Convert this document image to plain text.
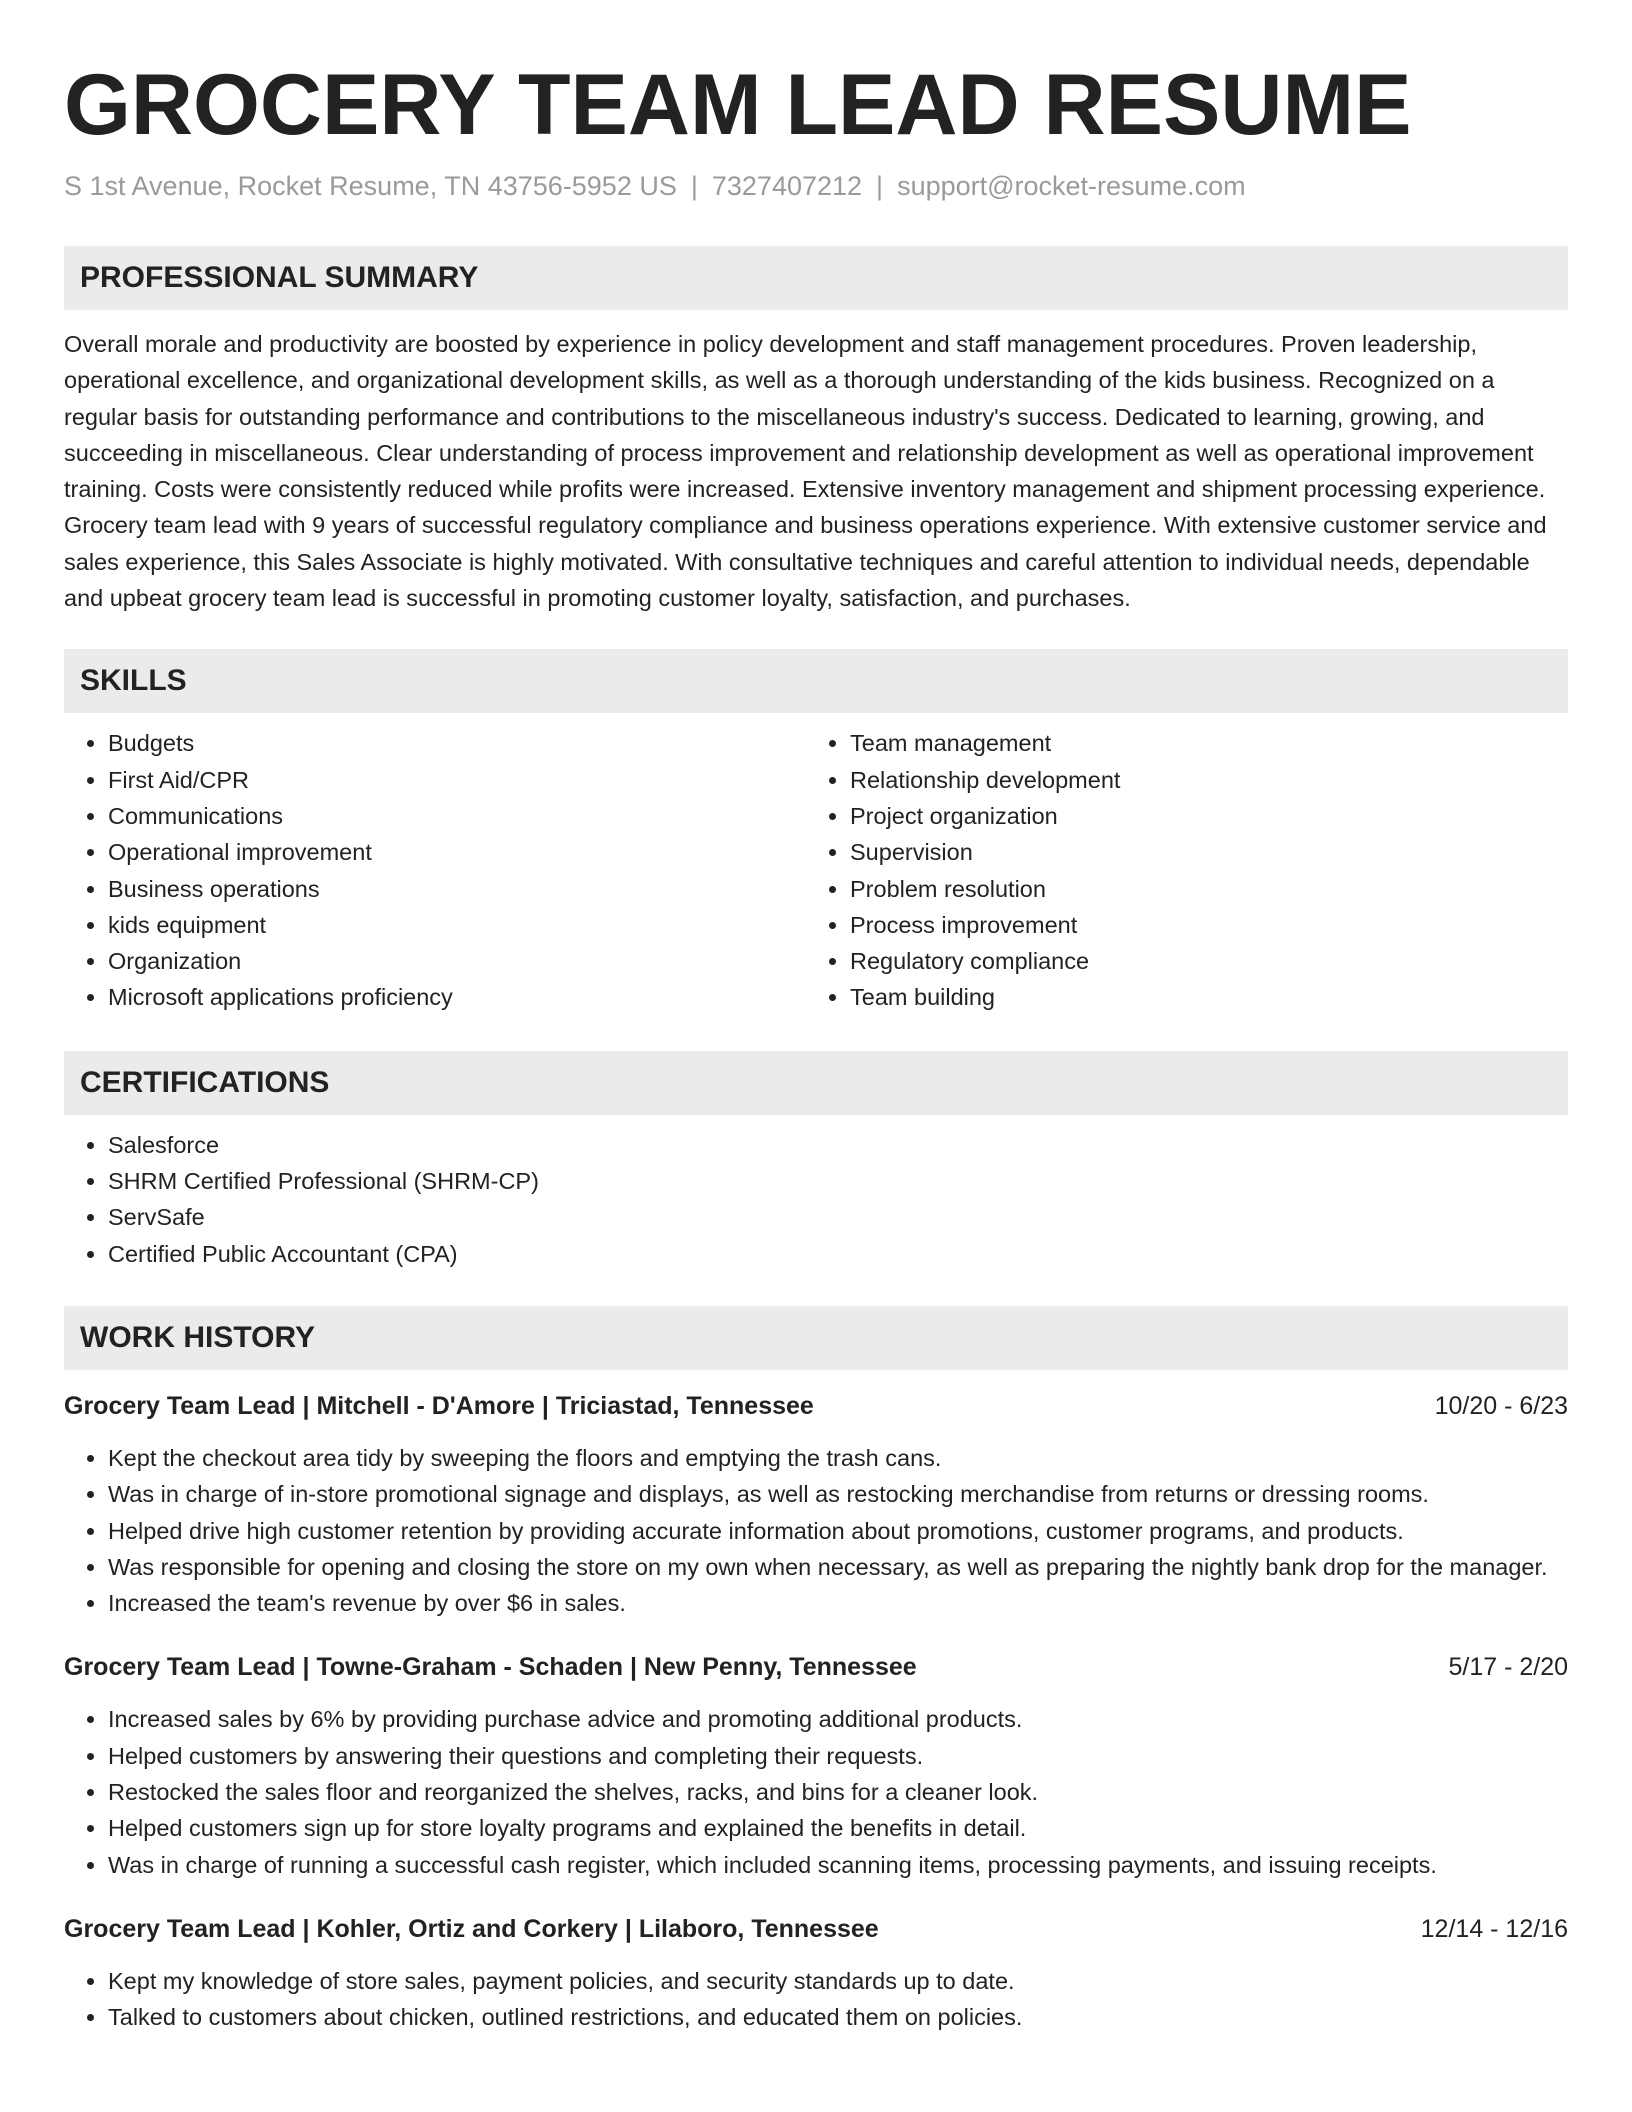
GROCERY TEAM LEAD RESUME
S 1st Avenue, Rocket Resume, TN 43756-5952 US | 7327407212 | support@rocket-resume.com
PROFESSIONAL SUMMARY

Overall morale and productivity are boosted by experience in policy development and staff management procedures. Proven leadership, operational excellence, and organizational development skills, as well as a thorough understanding of the kids business. Recognized on a regular basis for outstanding performance and contributions to the miscellaneous industry's success. Dedicated to learning, growing, and succeeding in miscellaneous. Clear understanding of process improvement and relationship development as well as operational improvement training. Costs were consistently reduced while profits were increased. Extensive inventory management and shipment processing experience. Grocery team lead with 9 years of successful regulatory compliance and business operations experience. With extensive customer service and sales experience, this Sales Associate is highly motivated. With consultative techniques and careful attention to individual needs, dependable and upbeat grocery team lead is successful in promoting customer loyalty, satisfaction, and purchases.

SKILLS
• Budgets
• First Aid/CPR
• Communications
• Operational improvement
• Business operations
• kids equipment
• Organization
• Microsoft applications proficiency
• Team management
• Relationship development
• Project organization
• Supervision
• Problem resolution
• Process improvement
• Regulatory compliance
• Team building
CERTIFICATIONS
• Salesforce
• SHRM Certified Professional (SHRM-CP)
• ServSafe
• Certified Public Accountant (CPA)
WORK HISTORY
Grocery Team Lead | Mitchell - D'Amore | Triciastad, Tennessee	10/20 - 6/23
• Kept the checkout area tidy by sweeping the floors and emptying the trash cans.
• Was in charge of in-store promotional signage and displays, as well as restocking merchandise from returns or dressing rooms.
• Helped drive high customer retention by providing accurate information about promotions, customer programs, and products.
• Was responsible for opening and closing the store on my own when necessary, as well as preparing the nightly bank drop for the manager.
• Increased the team's revenue by over $6 in sales.
Grocery Team Lead | Towne-Graham - Schaden | New Penny, Tennessee	5/17 - 2/20
• Increased sales by 6% by providing purchase advice and promoting additional products.
• Helped customers by answering their questions and completing their requests.
• Restocked the sales floor and reorganized the shelves, racks, and bins for a cleaner look.
• Helped customers sign up for store loyalty programs and explained the benefits in detail.
• Was in charge of running a successful cash register, which included scanning items, processing payments, and issuing receipts.
Grocery Team Lead | Kohler, Ortiz and Corkery | Lilaboro, Tennessee	12/14 - 12/16
• Kept my knowledge of store sales, payment policies, and security standards up to date.
• Talked to customers about chicken, outlined restrictions, and educated them on policies.
